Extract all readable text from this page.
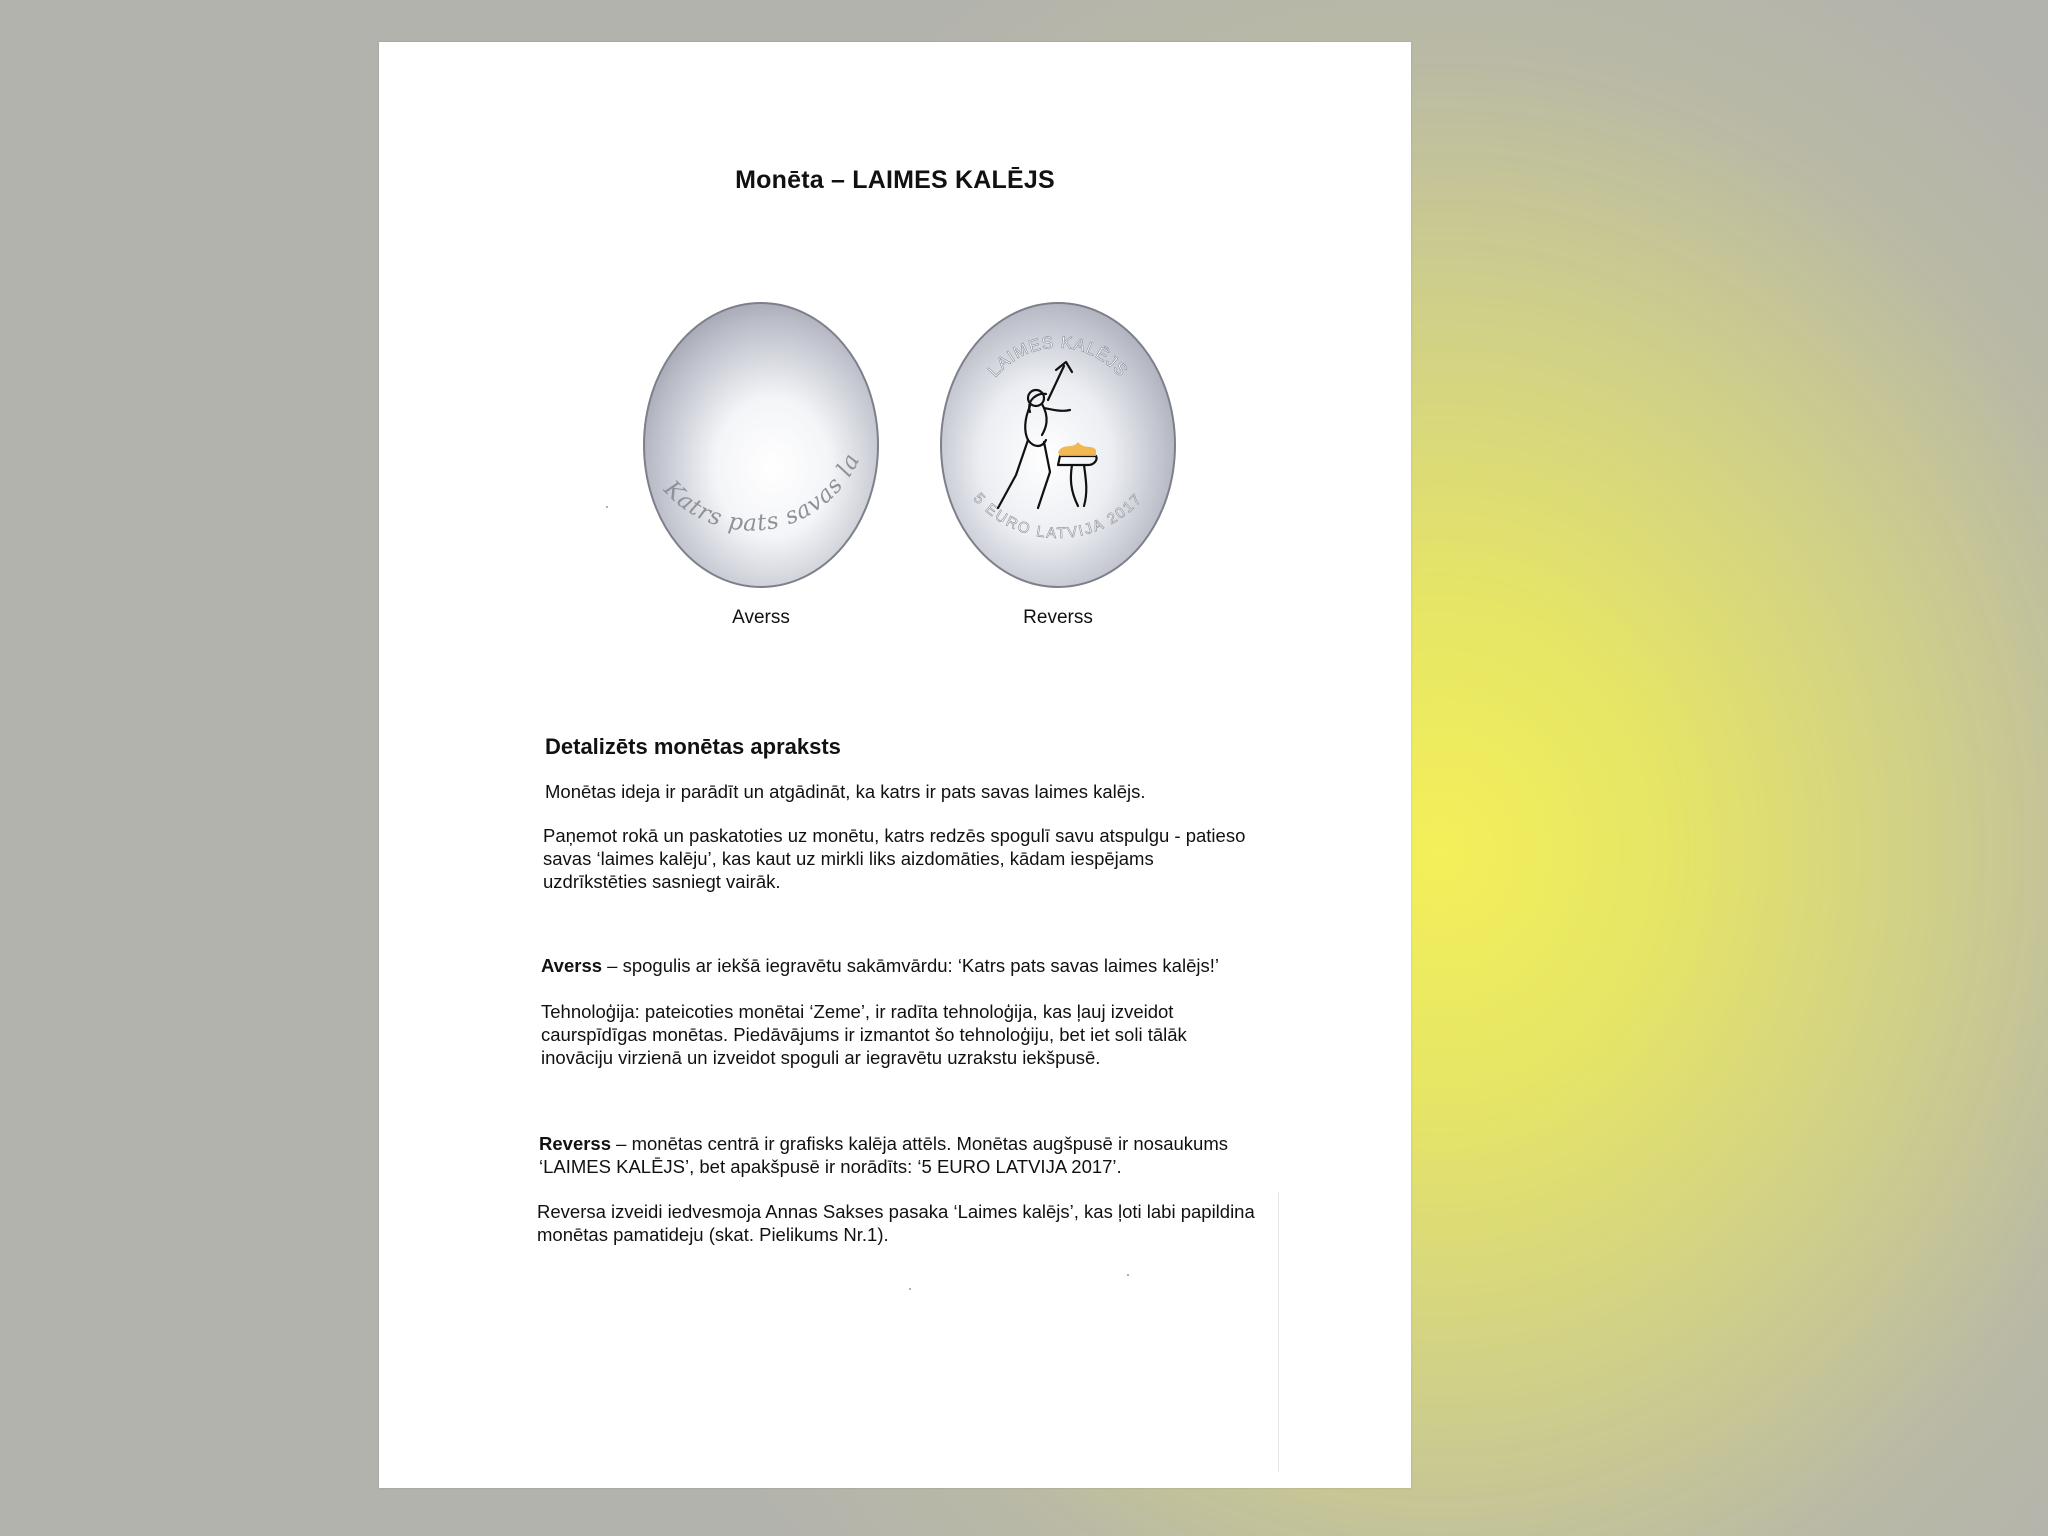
Monēta – LAIMES KALĒJS
Katrs pats savas la
Averss
LAIMES KALĒJS
5 EURO LATVIJA 2017
Reverss
Detalizēts monētas apraksts
Monētas ideja ir parādīt un atgādināt, ka katrs ir pats savas laimes kalējs.
Paņemot rokā un paskatoties uz monētu, katrs redzēs spogulī savu atspulgu - patieso
savas ‘laimes kalēju’, kas kaut uz mirkli liks aizdomāties, kādam iespējams
uzdrīkstēties sasniegt vairāk.
Averss – spogulis ar iekšā iegravētu sakāmvārdu: ‘Katrs pats savas laimes kalējs!’
Tehnoloģija: pateicoties monētai ‘Zeme’, ir radīta tehnoloģija, kas ļauj izveidot
caurspīdīgas monētas. Piedāvājums ir izmantot šo tehnoloģiju, bet iet soli tālāk
inovāciju virzienā un izveidot spoguli ar iegravētu uzrakstu iekšpusē.
Reverss – monētas centrā ir grafisks kalēja attēls. Monētas augšpusē ir nosaukums
‘LAIMES KALĒJS’, bet apakšpusē ir norādīts: ‘5 EURO LATVIJA 2017’.
Reversa izveidi iedvesmoja Annas Sakses pasaka ‘Laimes kalējs’, kas ļoti labi papildina
monētas pamatideju (skat. Pielikums Nr.1).
